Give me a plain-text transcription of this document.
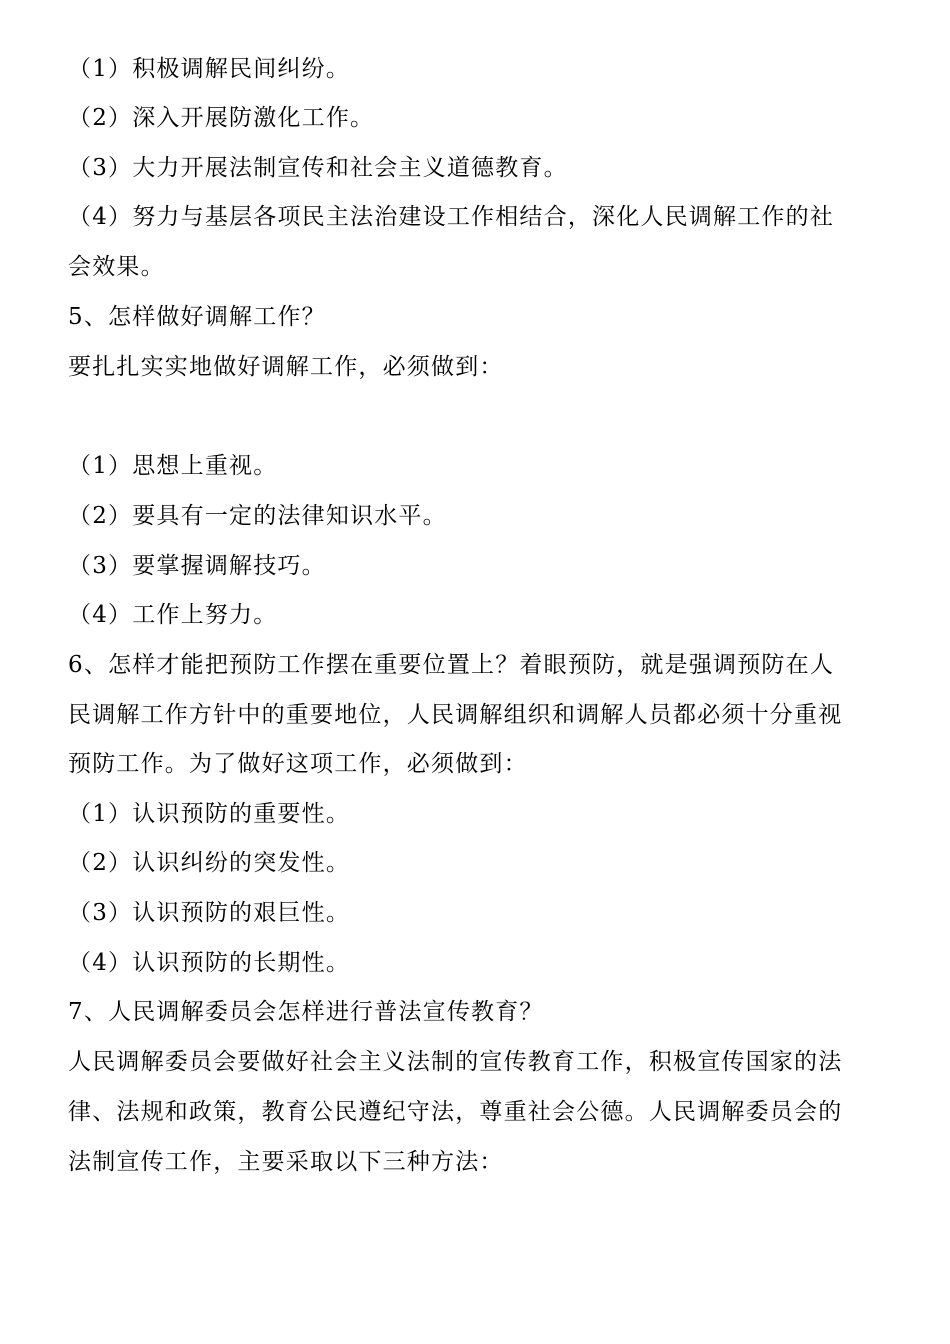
（1）积极调解民间纠纷。
（2）深入开展防激化工作。
（3）大力开展法制宣传和社会主义道德教育。
（4）努力与基层各项民主法治建设工作相结合，深化人民调解工作的社
会效果。
5、怎样做好调解工作？
要扎扎实实地做好调解工作，必须做到：
（1）思想上重视。
（2）要具有一定的法律知识水平。
（3）要掌握调解技巧。
（4）工作上努力。
6、怎样才能把预防工作摆在重要位置上？着眼预防，就是强调预防在人
民调解工作方针中的重要地位，人民调解组织和调解人员都必须十分重视
预防工作。为了做好这项工作，必须做到：
（1）认识预防的重要性。
（2）认识纠纷的突发性。
（3）认识预防的艰巨性。
（4）认识预防的长期性。
7、人民调解委员会怎样进行普法宣传教育？
人民调解委员会要做好社会主义法制的宣传教育工作，积极宣传国家的法
律、法规和政策，教育公民遵纪守法，尊重社会公德。人民调解委员会的
法制宣传工作，主要采取以下三种方法：
